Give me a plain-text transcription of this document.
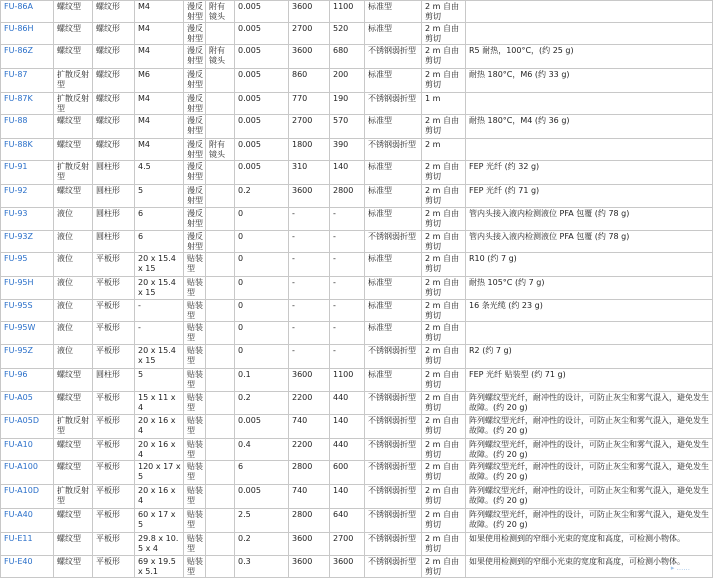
FU-86A	螺纹型	螺纹形	M4	漫反射型	附有镜头	0.005	3600	1100	标准型	2 m 自由剪切	
FU-86H	螺纹型	螺纹形	M4	漫反射型		0.005	2700	520	标准型	2 m 自由剪切	
FU-86Z	螺纹型	螺纹形	M4	漫反射型	附有镜头	0.005	3600	680	不锈钢弱折型	2 m 自由剪切	R5 耐热，100°C，(约 25 g)
FU-87	扩散反射型	螺纹形	M6	漫反射型		0.005	860	200	标准型	2 m 自由剪切	耐热 180°C，M6 (约 33 g)
FU-87K	扩散反射型	螺纹形	M4	漫反射型		0.005	770	190	不锈钢弱折型	1 m	
FU-88	螺纹型	螺纹形	M4	漫反射型		0.005	2700	570	标准型	2 m 自由剪切	耐热 180°C，M4 (约 36 g)
FU-88K	螺纹型	螺纹形	M4	漫反射型	附有镜头	0.005	1800	390	不锈钢弱折型	2 m	
FU-91	扩散反射型	圆柱形	4.5	漫反射型		0.005	310	140	标准型	2 m 自由剪切	FEP 光纤 (约 32 g)
FU-92	螺纹型	圆柱形	5	漫反射型		0.2	3600	2800	标准型	2 m 自由剪切	FEP 光纤 (约 71 g)
FU-93	液位	圆柱形	6	漫反射型		0	-	-	标准型	2 m 自由剪切	管内头接入液内检测液位 PFA 包覆 (约 78 g)
FU-93Z	液位	圆柱形	6	漫反射型		0	-	-	不锈钢弱折型	2 m 自由剪切	管内头接入液内检测液位 PFA 包覆 (约 78 g)
FU-95	液位	平板形	20 x 15.4 x 15	贴装型		0	-	-	标准型	2 m 自由剪切	R10 (约 7 g)
FU-95H	液位	平板形	20 x 15.4 x 15	贴装型		0	-	-	标准型	2 m 自由剪切	耐热 105°C (约 7 g)
FU-95S	液位	平板形	-	贴装型		0	-	-	标准型	2 m 自由剪切	16 条光缆 (约 23 g)
FU-95W	液位	平板形	-	贴装型		0	-	-	标准型	2 m 自由剪切	
FU-95Z	液位	平板形	20 x 15.4 x 15	贴装型		0	-	-	不锈钢弱折型	2 m 自由剪切	R2 (约 7 g)
FU-96	螺纹型	圆柱形	5	贴装型		0.1	3600	1100	标准型	2 m 自由剪切	FEP 光纤 贴装型 (约 71 g)
FU-A05	螺纹型	平板形	15 x 11 x 4	贴装型		0.2	2200	440	不锈钢弱折型	2 m 自由剪切	阵列螺纹型光纤，耐冲性的设计，可防止灰尘和雾气混入，避免发生故障。(约 20 g)
FU-A05D	扩散反射型	平板形	20 x 16 x 4	贴装型		0.005	740	140	不锈钢弱折型	2 m 自由剪切	阵列螺纹型光纤，耐冲性的设计，可防止灰尘和雾气混入，避免发生故障。(约 20 g)
FU-A10	螺纹型	平板形	20 x 16 x 4	贴装型		0.4	2200	440	不锈钢弱折型	2 m 自由剪切	阵列螺纹型光纤，耐冲性的设计，可防止灰尘和雾气混入，避免发生故障。(约 20 g)
FU-A100	螺纹型	平板形	120 x 17 x 5	贴装型		6	2800	600	不锈钢弱折型	2 m 自由剪切	阵列螺纹型光纤，耐冲性的设计，可防止灰尘和雾气混入，避免发生故障。(约 20 g)
FU-A10D	扩散反射型	平板形	20 x 16 x 4	贴装型		0.005	740	140	不锈钢弱折型	2 m 自由剪切	阵列螺纹型光纤，耐冲性的设计，可防止灰尘和雾气混入，避免发生故障。(约 20 g)
FU-A40	螺纹型	平板形	60 x 17 x 5	贴装型		2.5	2800	640	不锈钢弱折型	2 m 自由剪切	阵列螺纹型光纤，耐冲性的设计，可防止灰尘和雾气混入，避免发生故障。(约 20 g)
FU-E11	螺纹型	平板形	29.8 x 10.5 x 4	贴装型		0.2	3600	2700	不锈钢弱折型	2 m 自由剪切	如果使用检测到的窄细小光束的宽度和高度，可检测小物体。
FU-E40	螺纹型	平板形	69 x 19.5 x 5.1	贴装型		0.3	3600	3600	不锈钢弱折型	2 m 自由剪切	如果使用检测到的窄细小光束的宽度和高度，可检测小物体。
▸ ......
